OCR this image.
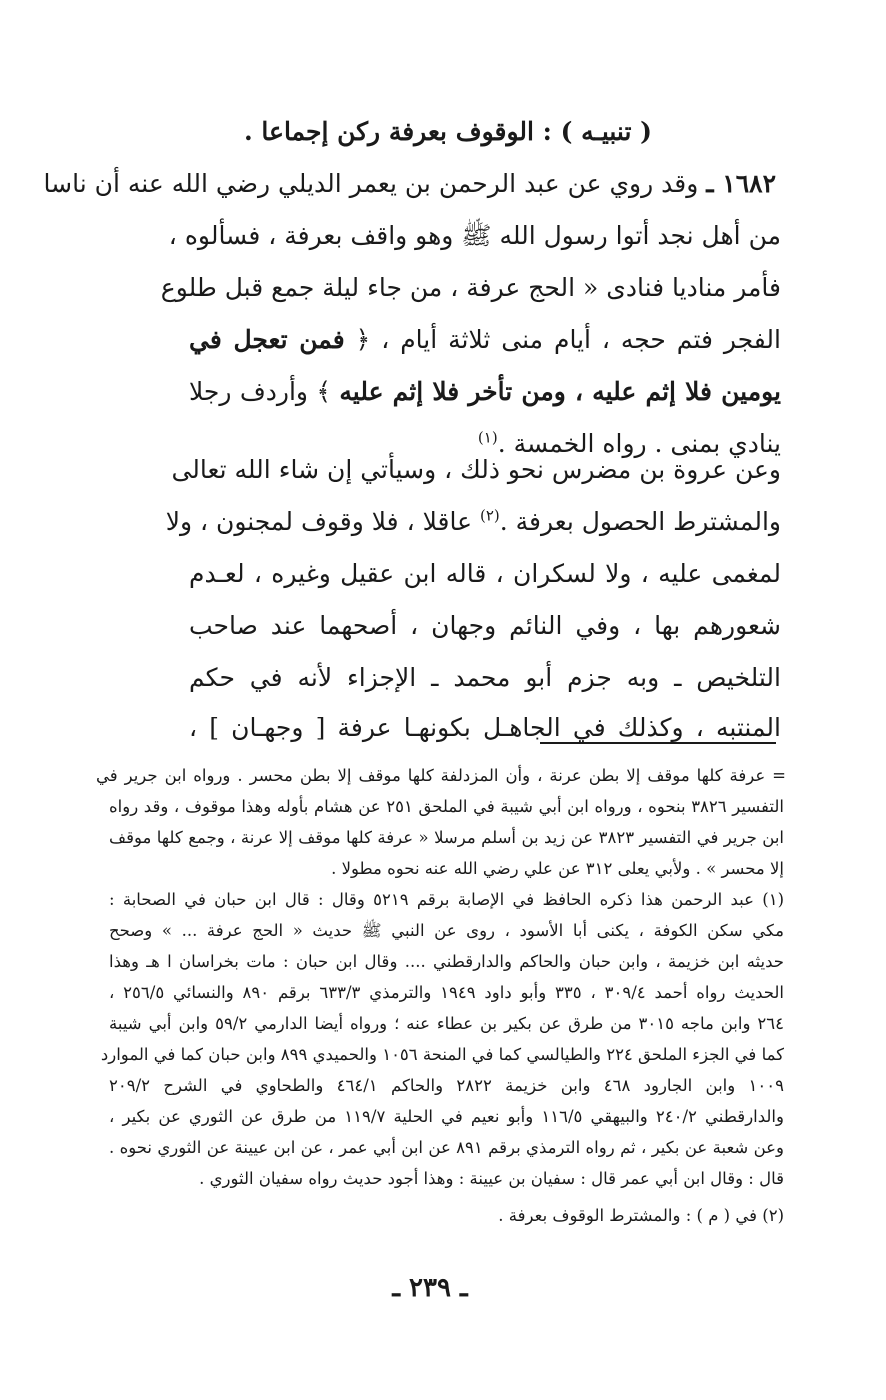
( تنبيـه ) : الوقوف بعرفة ركن إجماعا .
١٦٨٢ ـ وقد روي عن عبد الرحمن بن يعمر الديلي رضي الله عنه أن ناسا
من أهل نجد أتوا رسول الله ﷺ وهو واقف بعرفة ، فسألوه ،
فأمر مناديا فنادى « الحج عرفة ، من جاء ليلة جمع قبل طلوع
الفجر فتم حجه ، أيام منى ثلاثة أيام ، ﴿ فمن تعجل في
يومين فلا إثم عليه ، ومن تأخر فلا إثم عليه ﴾ وأردف رجلا
ينادي بمنى . رواه الخمسة .$^{(١)}$
وعن عروة بن مضرس نحو ذلك ، وسيأتي إن شاء الله تعالى
والمشترط الحصول بعرفة .$^{(٢)}$ عاقلا ، فلا وقوف لمجنون ، ولا
لمغمى عليه ، ولا لسكران ، قاله ابن عقيل وغيره ، لعـدم
شعورهم بها ، وفي النائم وجهان ، أصحهما عند صاحب
التلخيص ـ وبه جزم أبو محمد ـ الإجزاء لأنه في حكم
المنتبه ، وكذلك في الجاهـل بكونهـا عرفة [ وجهـان ] ،
= عرفة كلها موقف إلا بطن عرنة ، وأن المزدلفة كلها موقف إلا بطن محسر . ورواه ابن جرير في
التفسير ٣٨٢٦ بنحوه ، ورواه ابن أبي شيبة في الملحق ٢٥١ عن هشام بأوله وهذا موقوف ، وقد رواه
ابن جرير في التفسير ٣٨٢٣ عن زيد بن أسلم مرسلا « عرفة كلها موقف إلا عرنة ، وجمع كلها موقف
إلا محسر » . ولأبي يعلى ٣١٢ عن علي رضي الله عنه نحوه مطولا .
(١) عبد الرحمن هذا ذكره الحافظ في الإصابة برقم ٥٢١٩ وقال : قال ابن حبان في الصحابة :
مكي سكن الكوفة ، يكنى أبا الأسود ، روى عن النبي ﷺ حديث « الحج عرفة ... » وصحح
حديثه ابن خزيمة ، وابن حبان والحاكم والدارقطني .... وقال ابن حبان : مات بخراسان ا هـ وهذا
الحديث رواه أحمد ٣٠٩/٤ ، ٣٣٥ وأبو داود ١٩٤٩ والترمذي ٦٣٣/٣ برقم ٨٩٠ والنسائي ٢٥٦/٥ ،
٢٦٤ وابن ماجه ٣٠١٥ من طرق عن بكير بن عطاء عنه ؛ ورواه أيضا الدارمي ٥٩/٢ وابن أبي شيبة
كما في الجزء الملحق ٢٢٤ والطيالسي كما في المنحة ١٠٥٦ والحميدي ٨٩٩ وابن حبان كما في الموارد
١٠٠٩ وابن الجارود ٤٦٨ وابن خزيمة ٢٨٢٢ والحاكم ٤٦٤/١ والطحاوي في الشرح ٢٠٩/٢
والدارقطني ٢٤٠/٢ والبيهقي ١١٦/٥ وأبو نعيم في الحلية ١١٩/٧ من طرق عن الثوري عن بكير ،
وعن شعبة عن بكير ، ثم رواه الترمذي برقم ٨٩١ عن ابن أبي عمر ، عن ابن عيينة عن الثوري نحوه .
قال : وقال ابن أبي عمر قال : سفيان بن عيينة : وهذا أجود حديث رواه سفيان الثوري .
(٢) في ( م ) : والمشترط الوقوف بعرفة .
ـ ٢٣٩ ـ
